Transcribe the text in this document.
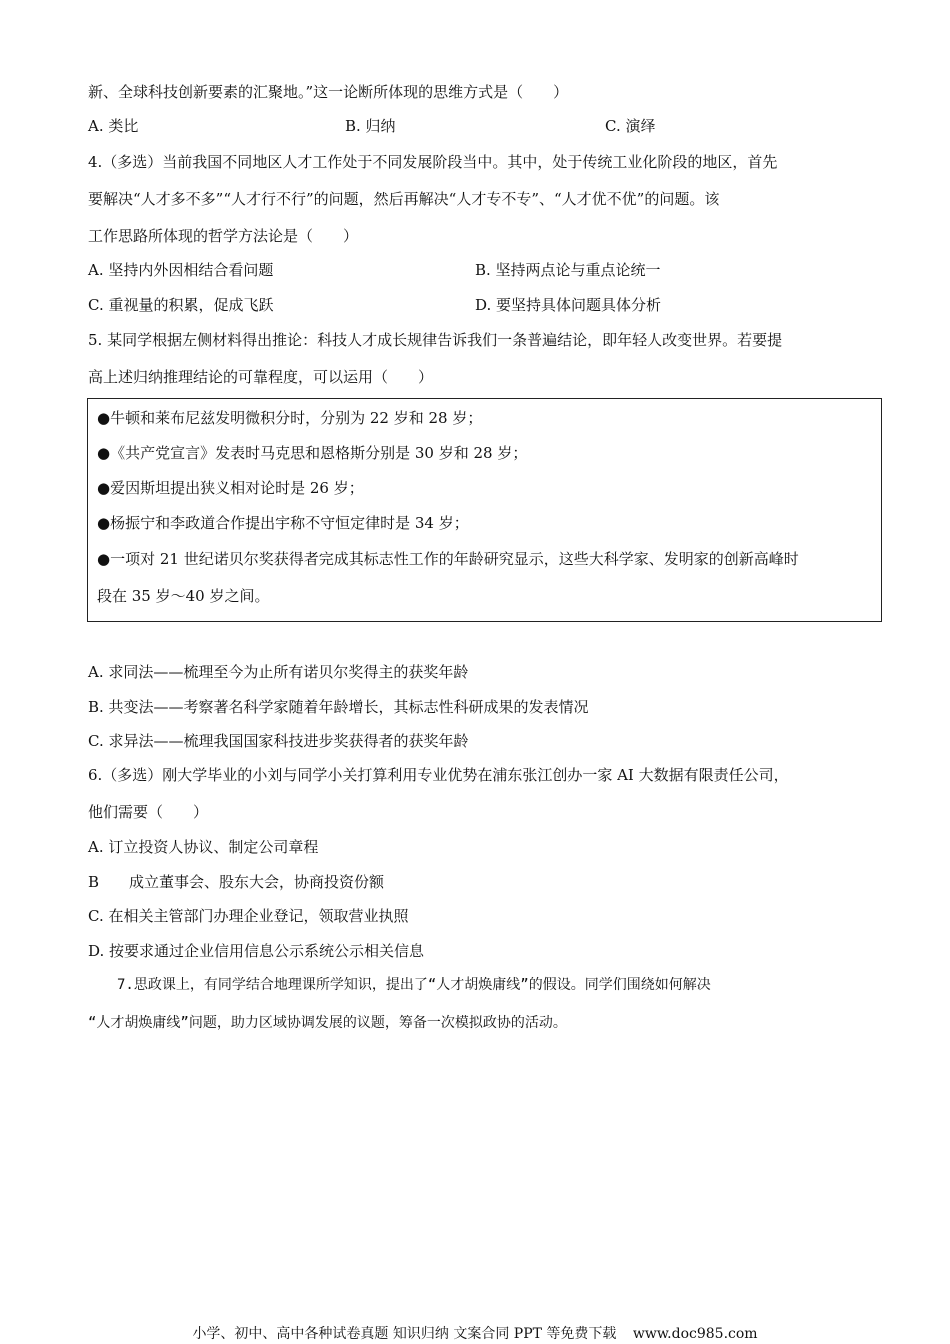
新、全球科技创新要素的汇聚地。”这一论断所体现的思维方式是（　　）
A. 类比	B. 归纳	C. 演绎
4.（多选）当前我国不同地区人才工作处于不同发展阶段当中。其中，处于传统工业化阶段的地区，首先
要解决“人才多不多”“人才行不行”的问题，然后再解决“人才专不专”、“人才优不优”的问题。该
工作思路所体现的哲学方法论是（　　）
A. 坚持内外因相结合看问题	B. 坚持两点论与重点论统一
C. 重视量的积累，促成飞跃	D. 要坚持具体问题具体分析
5. 某同学根据左侧材料得出推论：科技人才成长规律告诉我们一条普遍结论，即年轻人改变世界。若要提
高上述归纳推理结论的可靠程度，可以运用（　　）
●牛顿和莱布尼兹发明微积分时，分别为 22 岁和 28 岁；
●《共产党宣言》发表时马克思和恩格斯分别是 30 岁和 28 岁；
●爱因斯坦提出狭义相对论时是 26 岁；
●杨振宁和李政道合作提出宇称不守恒定律时是 34 岁；
●一项对 21 世纪诺贝尔奖获得者完成其标志性工作的年龄研究显示，这些大科学家、发明家的创新高峰时
段在 35 岁～40 岁之间。
A. 求同法——梳理至今为止所有诺贝尔奖得主的获奖年龄
B. 共变法——考察著名科学家随着年龄增长，其标志性科研成果的发表情况
C. 求异法——梳理我国国家科技进步奖获得者的获奖年龄
6.（多选）刚大学毕业的小刘与同学小关打算利用专业优势在浦东张江创办一家 AI 大数据有限责任公司，
他们需要（　　）
A. 订立投资人协议、制定公司章程
B　　成立董事会、股东大会，协商投资份额
C. 在相关主管部门办理企业登记，领取营业执照
D. 按要求通过企业信用信息公示系统公示相关信息
7.思政课上，有同学结合地理课所学知识，提出了“人才胡焕庸线”的假设。同学们围绕如何解决
“人才胡焕庸线”问题，助力区域协调发展的议题，筹备一次模拟政协的活动。
小学、初中、高中各种试卷真题 知识归纳 文案合同 PPT 等免费下载 www.doc985.com
